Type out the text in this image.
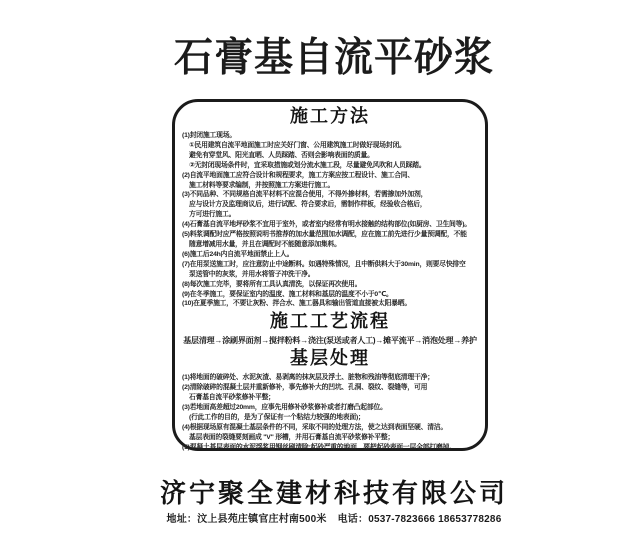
石膏基自流平砂浆
施工方法
(1)封闭施工现场。
①民用建筑自流平地面施工时应关好门窗、公用建筑施工时做好现场封闭。
避免有穿堂风、阳光直晒、人员踩踏、否则会影响表面的质量。
②无封闭现场条件时，宜采取措施或划分流水施工段，尽量避免风吹和人员踩踏。
(2)自流平地面施工应符合设计和规程要求，施工方案应按工程设计、施工合同、
施工材料等要求编制，并按照施工方案进行施工。
(3)不同品种、不同规格自流平材料不应混合使用，不得外掺材料，若需掺加外加剂，
应与设计方及监理商议后，进行试配、符合要求后，需制作样板，经验收合格后，
方可进行施工。
(4)石膏基自流平地坪砂浆不宜用于室外，或者室内经常有明水接触的结构部位(如厨房、卫生间等)。
(5)料浆调配时应严格按照说明书推荐的加水量范围加水调配，应在施工前先进行少量预调配，不能
随意增减用水量，并且在调配时不能随意添加集料。
(6)施工后24h内自流平地面禁止上人。
(7)在用泵送施工时，应注意防止中途断料。如遇特殊情况，且中断供料大于30min，则要尽快排空
泵送管中的灰浆，并用水将管子冲洗干净。
(8)每次施工完毕，要将所有工具认真清洗，以保证再次使用。
(9)在冬季施工，要保证室内的温度、施工材料和基层的温度不小于0℃。
(10)在夏季施工，不要让灰粉、拌合水、施工器具和输出管道直接被太阳暴晒。
施工工艺流程
基层清理→涂刷界面剂→搅拌粉料→浇注(泵送或者人工)→摊平流平→消泡处理→养护
基层处理
(1)将地面的破碎处、水泥灰渣、易剥离的抹灰层及浮土、脏物和残油等彻底清理干净；
(2)清除破碎的混凝土层并重新修补，事先修补大的凹坑、孔洞、裂纹、裂缝等，可用
石膏基自流平砂浆修补平整；
(3)若地面高差超过20mm，应事先用修补砂浆修补或者打磨凸起部位。
(行此工作的目的，是为了保证有一个粘结力较强的地表面)；
(4)根据现场原有混凝土基层条件的不同，采取不同的处理方法，使之达到表面坚硬、清洁。
基层表面的裂缝要刻画成 "V" 形槽，并用石膏基自流平砂浆修补平整；
(5)混凝土基层表面的水泥浮浆用钢丝刷清除;起砂严重的地面，要把起砂表面一层全部打磨掉。
济宁聚全建材科技有限公司
地址：汶上县苑庄镇官庄村南500米 电话：0537-7823666 18653778286
